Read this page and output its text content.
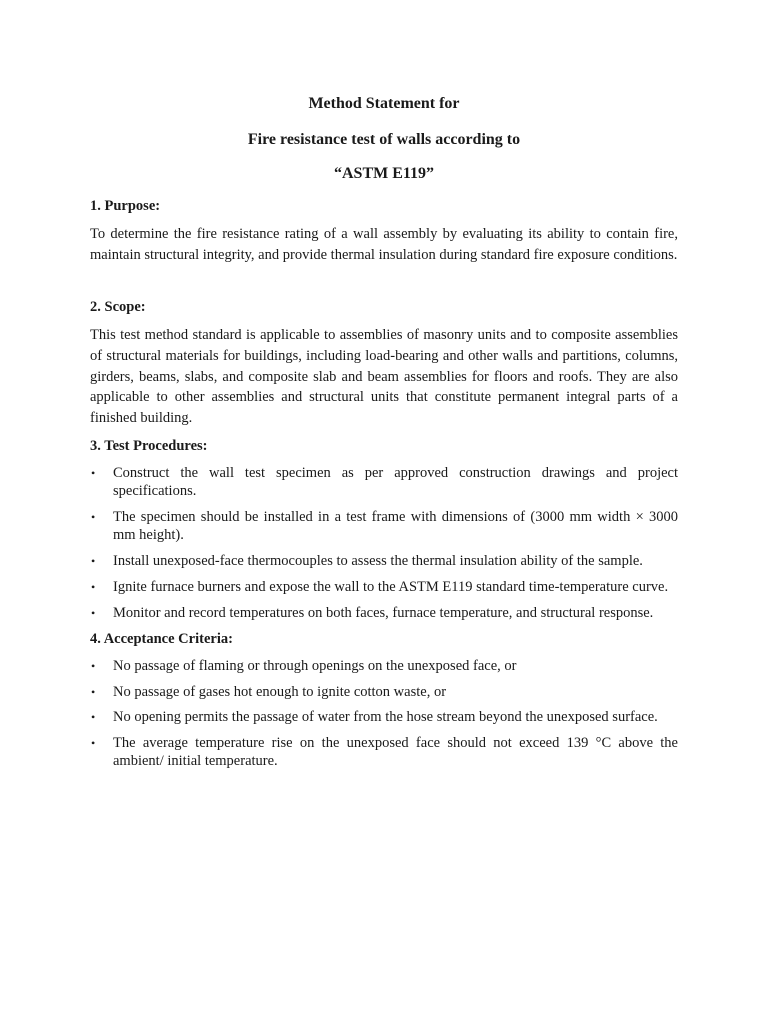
Method Statement for
Fire resistance test of walls according to
“ASTM E119”
1. Purpose:

To determine the fire resistance rating of a wall assembly by evaluating its ability to contain fire, maintain structural integrity, and provide thermal insulation during standard fire exposure conditions.

2. Scope:

This test method standard is applicable to assemblies of masonry units and to composite assemblies of structural materials for buildings, including load-bearing and other walls and partitions, columns, girders, beams, slabs, and composite slab and beam assemblies for floors and roofs. They are also applicable to other assemblies and structural units that constitute permanent integral parts of a finished building.

3. Test Procedures:
• Construct the wall test specimen as per approved construction drawings and project specifications.
• The specimen should be installed in a test frame with dimensions of (3000 mm width × 3000 mm height).
• Install unexposed-face thermocouples to assess the thermal insulation ability of the sample.
• Ignite furnace burners and expose the wall to the ASTM E119 standard time-temperature curve.
• Monitor and record temperatures on both faces, furnace temperature, and structural response.
4. Acceptance Criteria:
• No passage of flaming or through openings on the unexposed face, or
• No passage of gases hot enough to ignite cotton waste, or
• No opening permits the passage of water from the hose stream beyond the unexposed surface.
• The average temperature rise on the unexposed face should not exceed 139 °C above the ambient/ initial temperature.
